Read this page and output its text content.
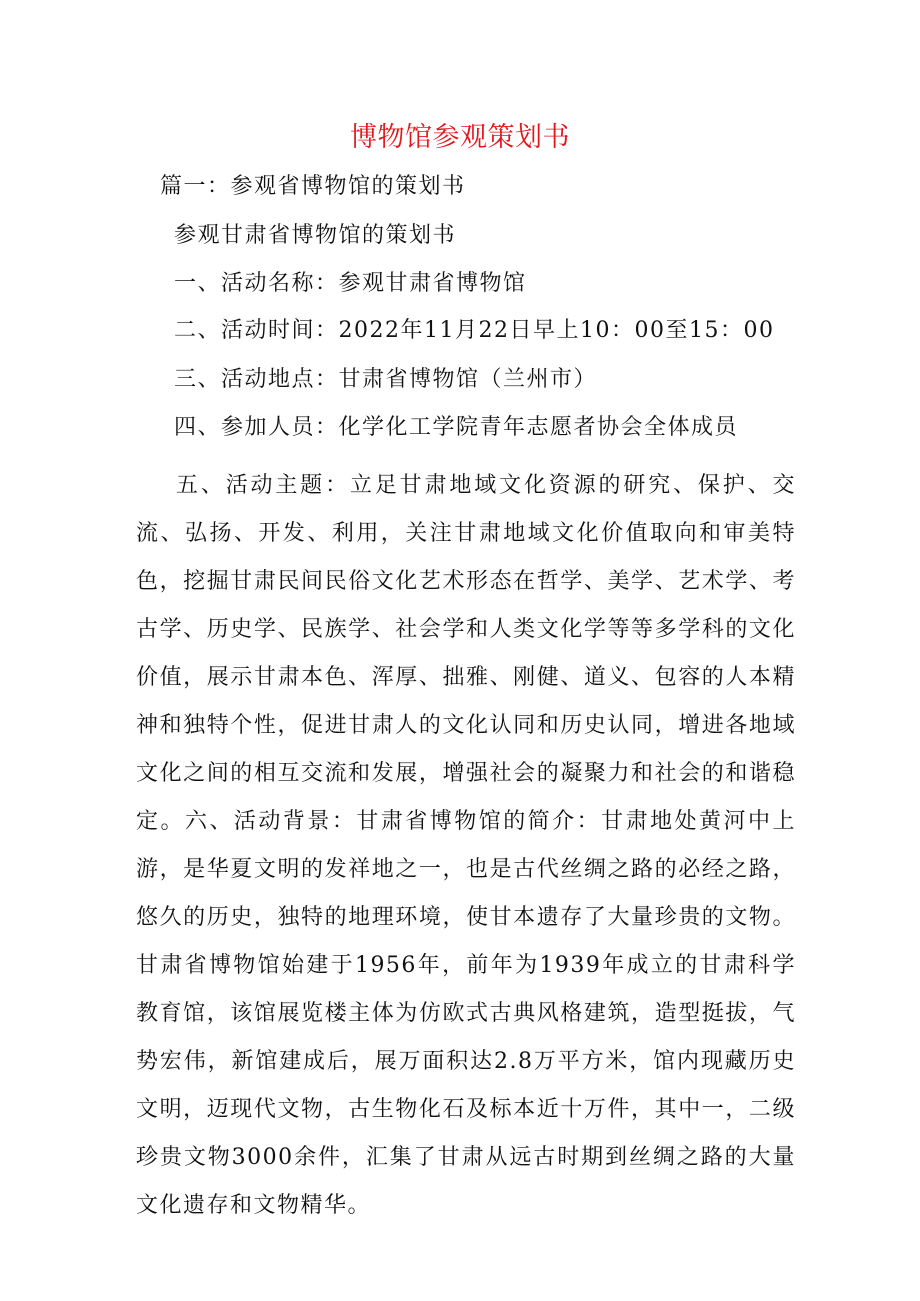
博物馆参观策划书
篇一：参观省博物馆的策划书
参观甘肃省博物馆的策划书
一、活动名称：参观甘肃省博物馆
二、活动时间：2022年11月22日早上10：00至15：00
三、活动地点：甘肃省博物馆（兰州市）
四、参加人员：化学化工学院青年志愿者协会全体成员

五、活动主题：立足甘肃地域文化资源的研究、保护、交流、弘扬、开发、利用，关注甘肃地域文化价值取向和审美特色，挖掘甘肃民间民俗文化艺术形态在哲学、美学、艺术学、考古学、历史学、民族学、社会学和人类文化学等等多学科的文化价值，展示甘肃本色、浑厚、拙雅、刚健、道义、包容的人本精神和独特个性，促进甘肃人的文化认同和历史认同，增进各地域文化之间的相互交流和发展，增强社会的凝聚力和社会的和谐稳定。六、活动背景：甘肃省博物馆的简介：甘肃地处黄河中上游，是华夏文明的发祥地之一，也是古代丝绸之路的必经之路，悠久的历史，独特的地理环境，使甘本遗存了大量珍贵的文物。甘肃省博物馆始建于1956年，前年为1939年成立的甘肃科学教育馆，该馆展览楼主体为仿欧式古典风格建筑，造型挺拔，气势宏伟，新馆建成后，展万面积达2.8万平方米，馆内现藏历史文明，迈现代文物，古生物化石及标本近十万件，其中一，二级珍贵文物3000余件，汇集了甘肃从远古时期到丝绸之路的大量文化遗存和文物精华。
